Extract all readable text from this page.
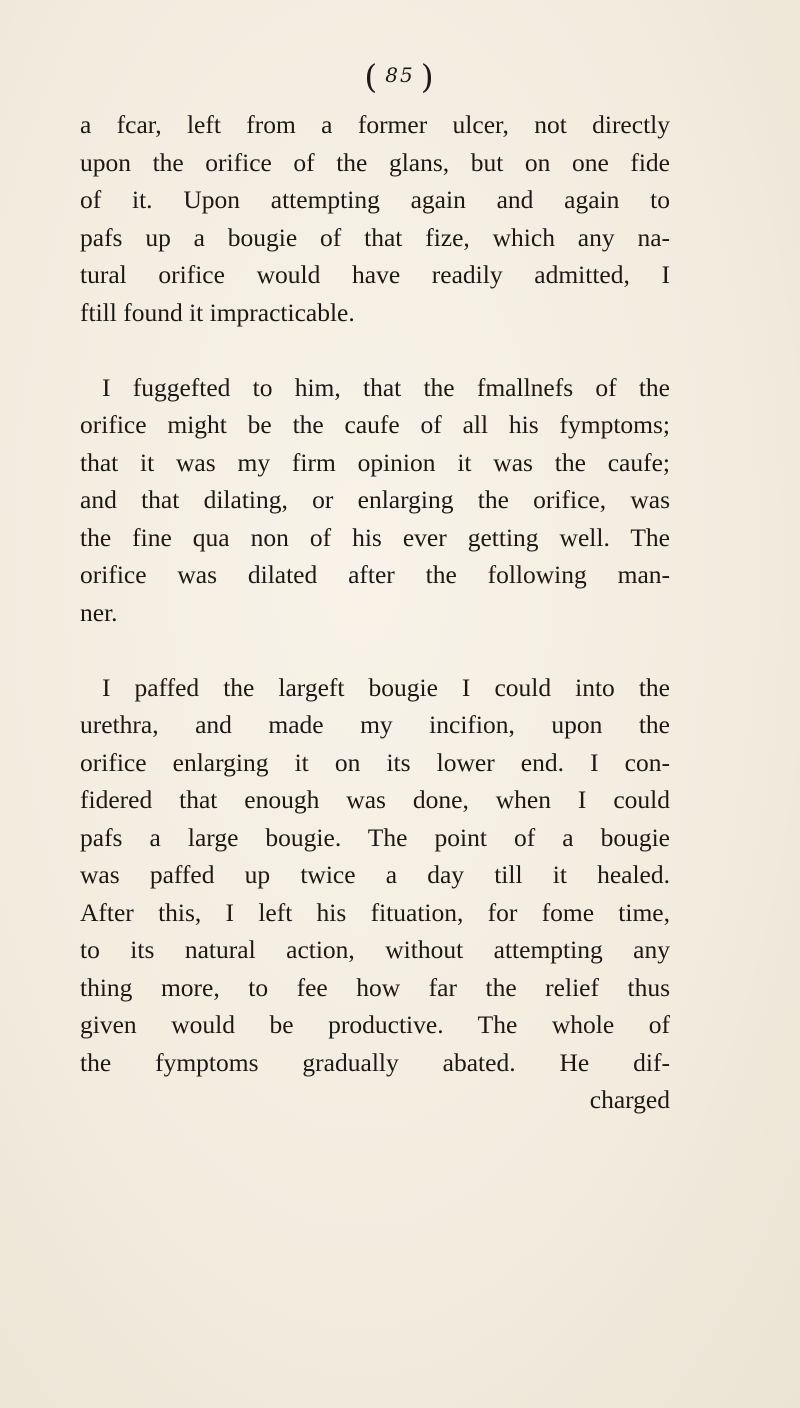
( 85 )
a fcar, left from a former ulcer, not directly
upon the orifice of the glans, but on one fide
of it. Upon attempting again and again to
pafs up a bougie of that fize, which any na-
tural orifice would have readily admitted, I
ftill found it impracticable.
I fuggefted to him, that the fmallnefs of the
orifice might be the caufe of all his fymptoms;
that it was my firm opinion it was the caufe;
and that dilating, or enlarging the orifice, was
the fine qua non of his ever getting well. The
orifice was dilated after the following man-
ner.
I paffed the largeft bougie I could into the
urethra, and made my incifion, upon the
orifice enlarging it on its lower end. I con-
fidered that enough was done, when I could
pafs a large bougie. The point of a bougie
was paffed up twice a day till it healed.
After this, I left his fituation, for fome time,
to its natural action, without attempting any
thing more, to fee how far the relief thus
given would be productive. The whole of
the fymptoms gradually abated. He dif-
charged
